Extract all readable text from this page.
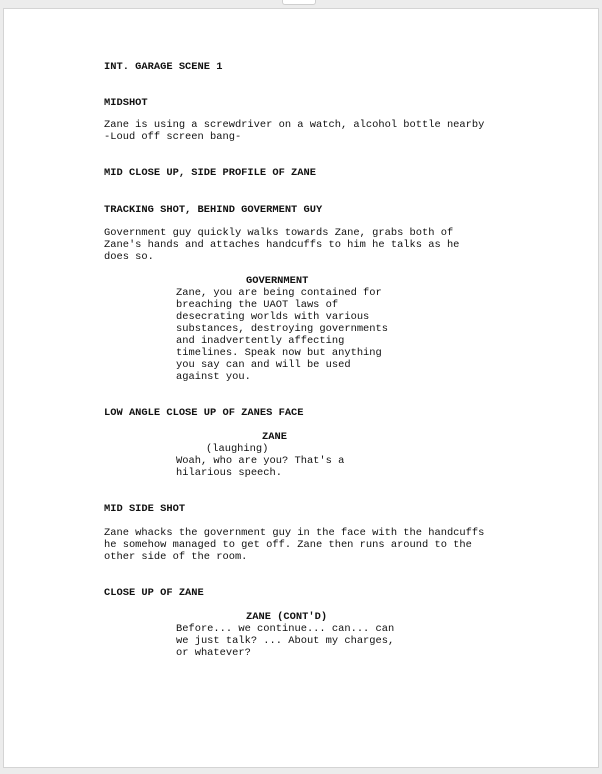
INT. GARAGE SCENE 1

MIDSHOT

Zane is using a screwdriver on a watch, alcohol bottle nearby

-Loud off screen bang-

MID CLOSE UP, SIDE PROFILE OF ZANE

TRACKING SHOT, BEHIND GOVERMENT GUY

Government guy quickly walks towards Zane, grabs both of

Zane's hands and attaches handcuffs to him he talks as he

does so.

GOVERNMENT

Zane, you are being contained for

breaching the UAOT laws of

desecrating worlds with various

substances, destroying governments

and inadvertently affecting

timelines. Speak now but anything

you say can and will be used

against you.

LOW ANGLE CLOSE UP OF ZANES FACE

ZANE

(laughing)

Woah, who are you? That's a

hilarious speech.

MID SIDE SHOT

Zane whacks the government guy in the face with the handcuffs

he somehow managed to get off. Zane then runs around to the

other side of the room.

CLOSE UP OF ZANE

ZANE (CONT'D)

Before... we continue... can... can

we just talk? ... About my charges,

or whatever?
